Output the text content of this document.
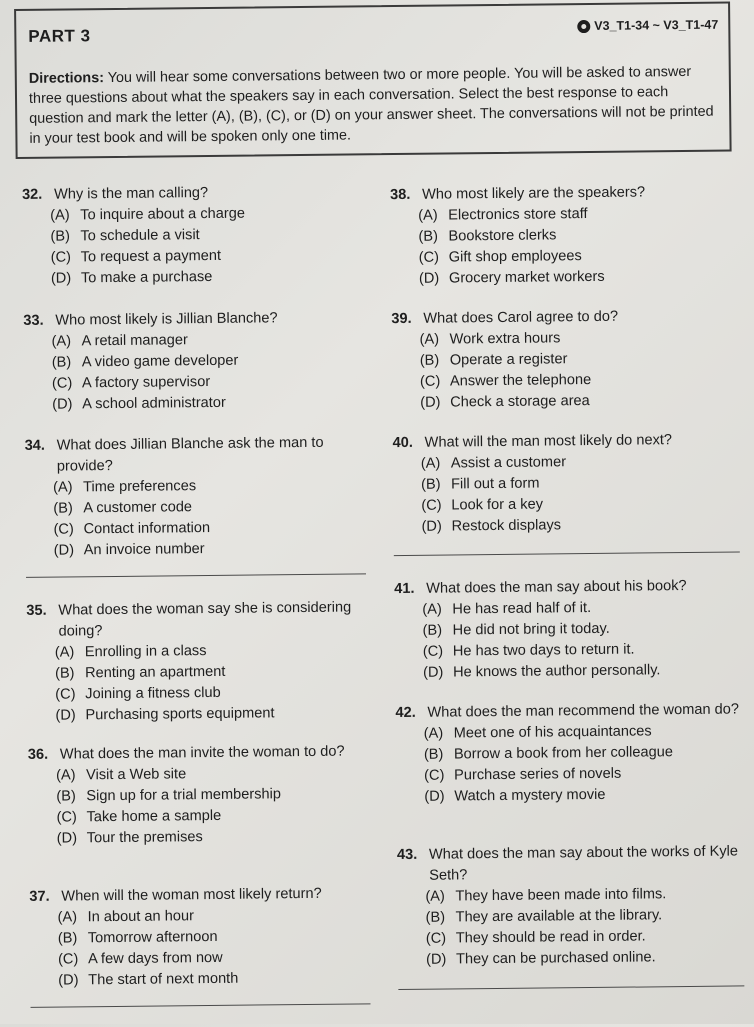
PART 3
V3_T1-34 ~ V3_T1-47
Directions: You will hear some conversations between two or more people. You will be asked to answer three questions about what the speakers say in each conversation. Select the best response to each question and mark the letter (A), (B), (C), or (D) on your answer sheet. The conversations will not be printed in your test book and will be spoken only one time.
32. Why is the man calling?
(A) To inquire about a charge
(B) To schedule a visit
(C) To request a payment
(D) To make a purchase
33. Who most likely is Jillian Blanche?
(A) A retail manager
(B) A video game developer
(C) A factory supervisor
(D) A school administrator
34. What does Jillian Blanche ask the man to provide?
(A) Time preferences
(B) A customer code
(C) Contact information
(D) An invoice number
35. What does the woman say she is considering doing?
(A) Enrolling in a class
(B) Renting an apartment
(C) Joining a fitness club
(D) Purchasing sports equipment
36. What does the man invite the woman to do?
(A) Visit a Web site
(B) Sign up for a trial membership
(C) Take home a sample
(D) Tour the premises
37. When will the woman most likely return?
(A) In about an hour
(B) Tomorrow afternoon
(C) A few days from now
(D) The start of next month
38. Who most likely are the speakers?
(A) Electronics store staff
(B) Bookstore clerks
(C) Gift shop employees
(D) Grocery market workers
39. What does Carol agree to do?
(A) Work extra hours
(B) Operate a register
(C) Answer the telephone
(D) Check a storage area
40. What will the man most likely do next?
(A) Assist a customer
(B) Fill out a form
(C) Look for a key
(D) Restock displays
41. What does the man say about his book?
(A) He has read half of it.
(B) He did not bring it today.
(C) He has two days to return it.
(D) He knows the author personally.
42. What does the man recommend the woman do?
(A) Meet one of his acquaintances
(B) Borrow a book from her colleague
(C) Purchase series of novels
(D) Watch a mystery movie
43. What does the man say about the works of Kyle Seth?
(A) They have been made into films.
(B) They are available at the library.
(C) They should be read in order.
(D) They can be purchased online.
